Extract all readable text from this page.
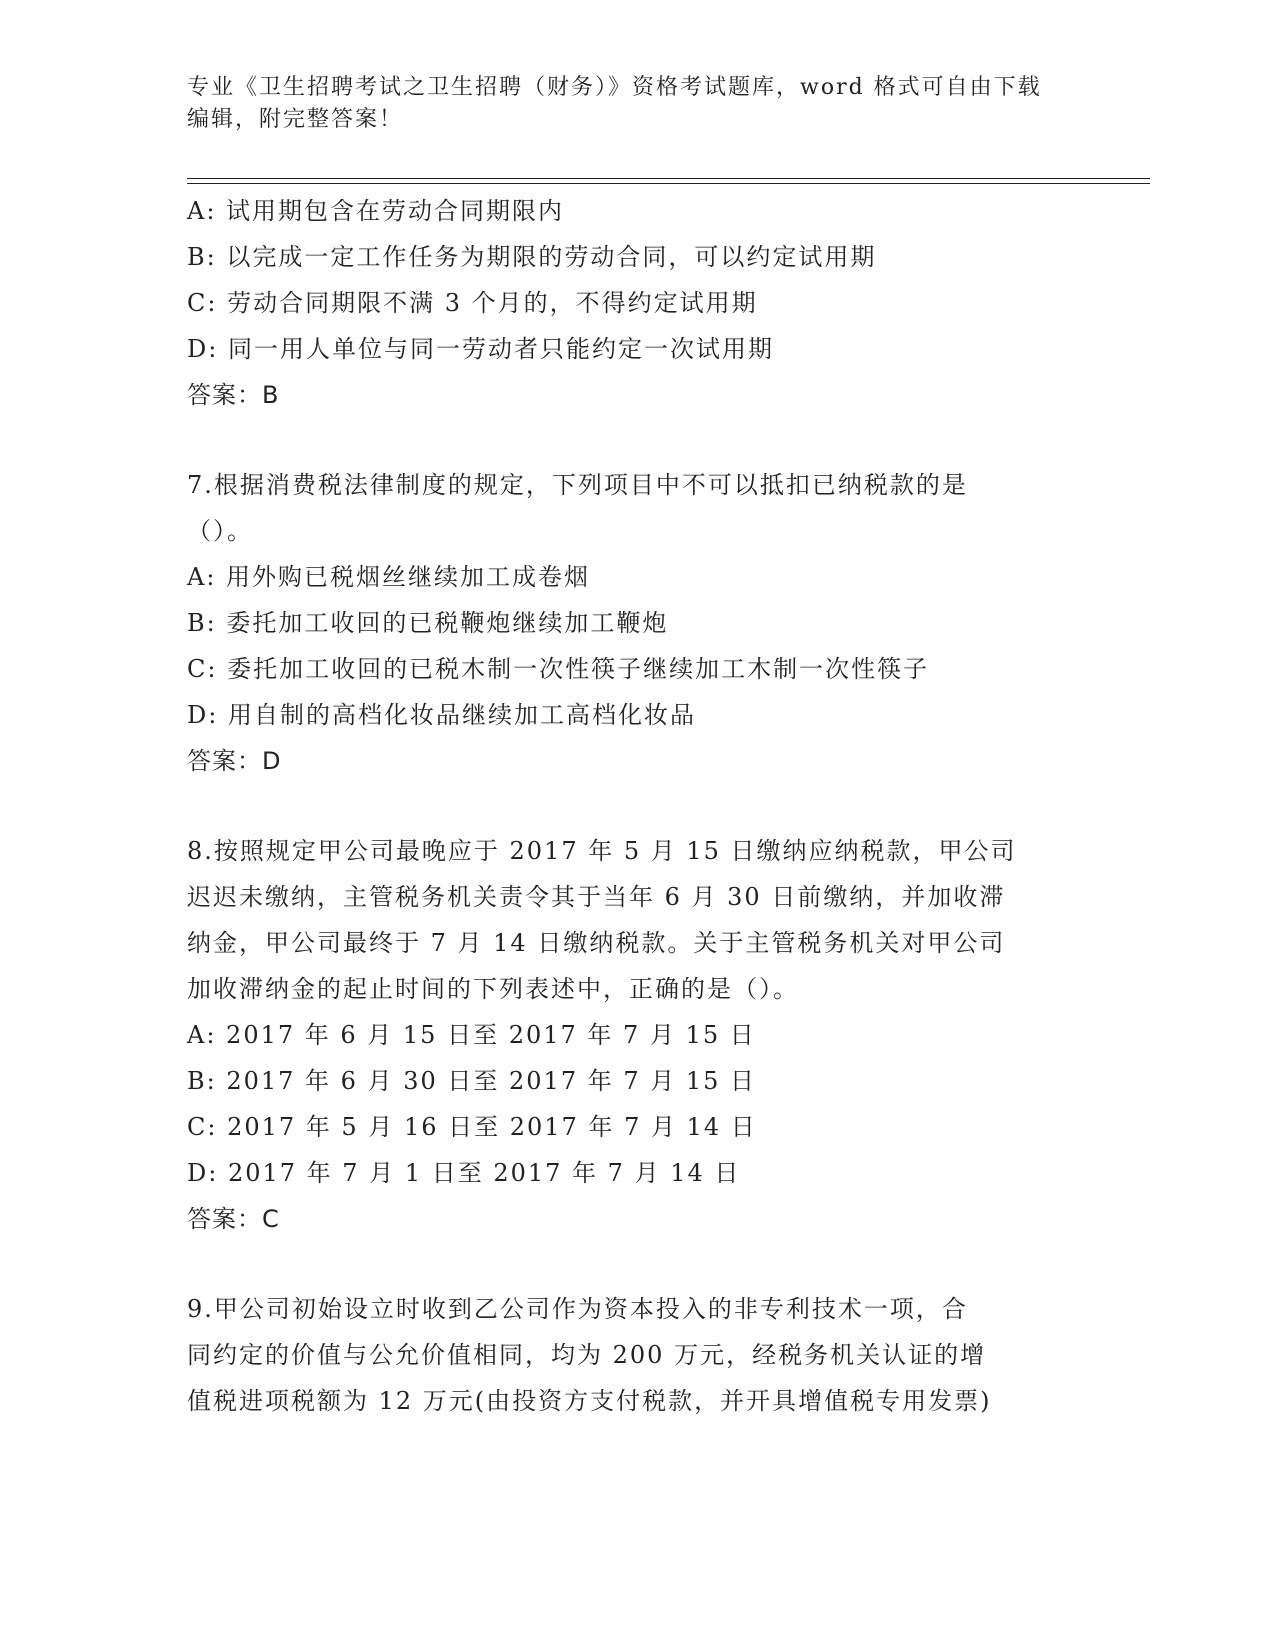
专业《卫生招聘考试之卫生招聘（财务）》资格考试题库，word 格式可自由下载
编辑，附完整答案！
A: 试用期包含在劳动合同期限内
B: 以完成一定工作任务为期限的劳动合同，可以约定试用期
C: 劳动合同期限不满 3 个月的，不得约定试用期
D: 同一用人单位与同一劳动者只能约定一次试用期
答案：B
7.根据消费税法律制度的规定，下列项目中不可以抵扣已纳税款的是
（）。
A: 用外购已税烟丝继续加工成卷烟
B: 委托加工收回的已税鞭炮继续加工鞭炮
C: 委托加工收回的已税木制一次性筷子继续加工木制一次性筷子
D: 用自制的高档化妆品继续加工高档化妆品
答案：D
8.按照规定甲公司最晚应于 2017 年 5 月 15 日缴纳应纳税款，甲公司
迟迟未缴纳，主管税务机关责令其于当年 6 月 30 日前缴纳，并加收滞
纳金，甲公司最终于 7 月 14 日缴纳税款。关于主管税务机关对甲公司
加收滞纳金的起止时间的下列表述中，正确的是（）。
A: 2017 年 6 月 15 日至 2017 年 7 月 15 日
B: 2017 年 6 月 30 日至 2017 年 7 月 15 日
C: 2017 年 5 月 16 日至 2017 年 7 月 14 日
D: 2017 年 7 月 1 日至 2017 年 7 月 14 日
答案：C
9.甲公司初始设立时收到乙公司作为资本投入的非专利技术一项，合
同约定的价值与公允价值相同，均为 200 万元，经税务机关认证的增
值税进项税额为 12 万元(由投资方支付税款，并开具增值税专用发票)
